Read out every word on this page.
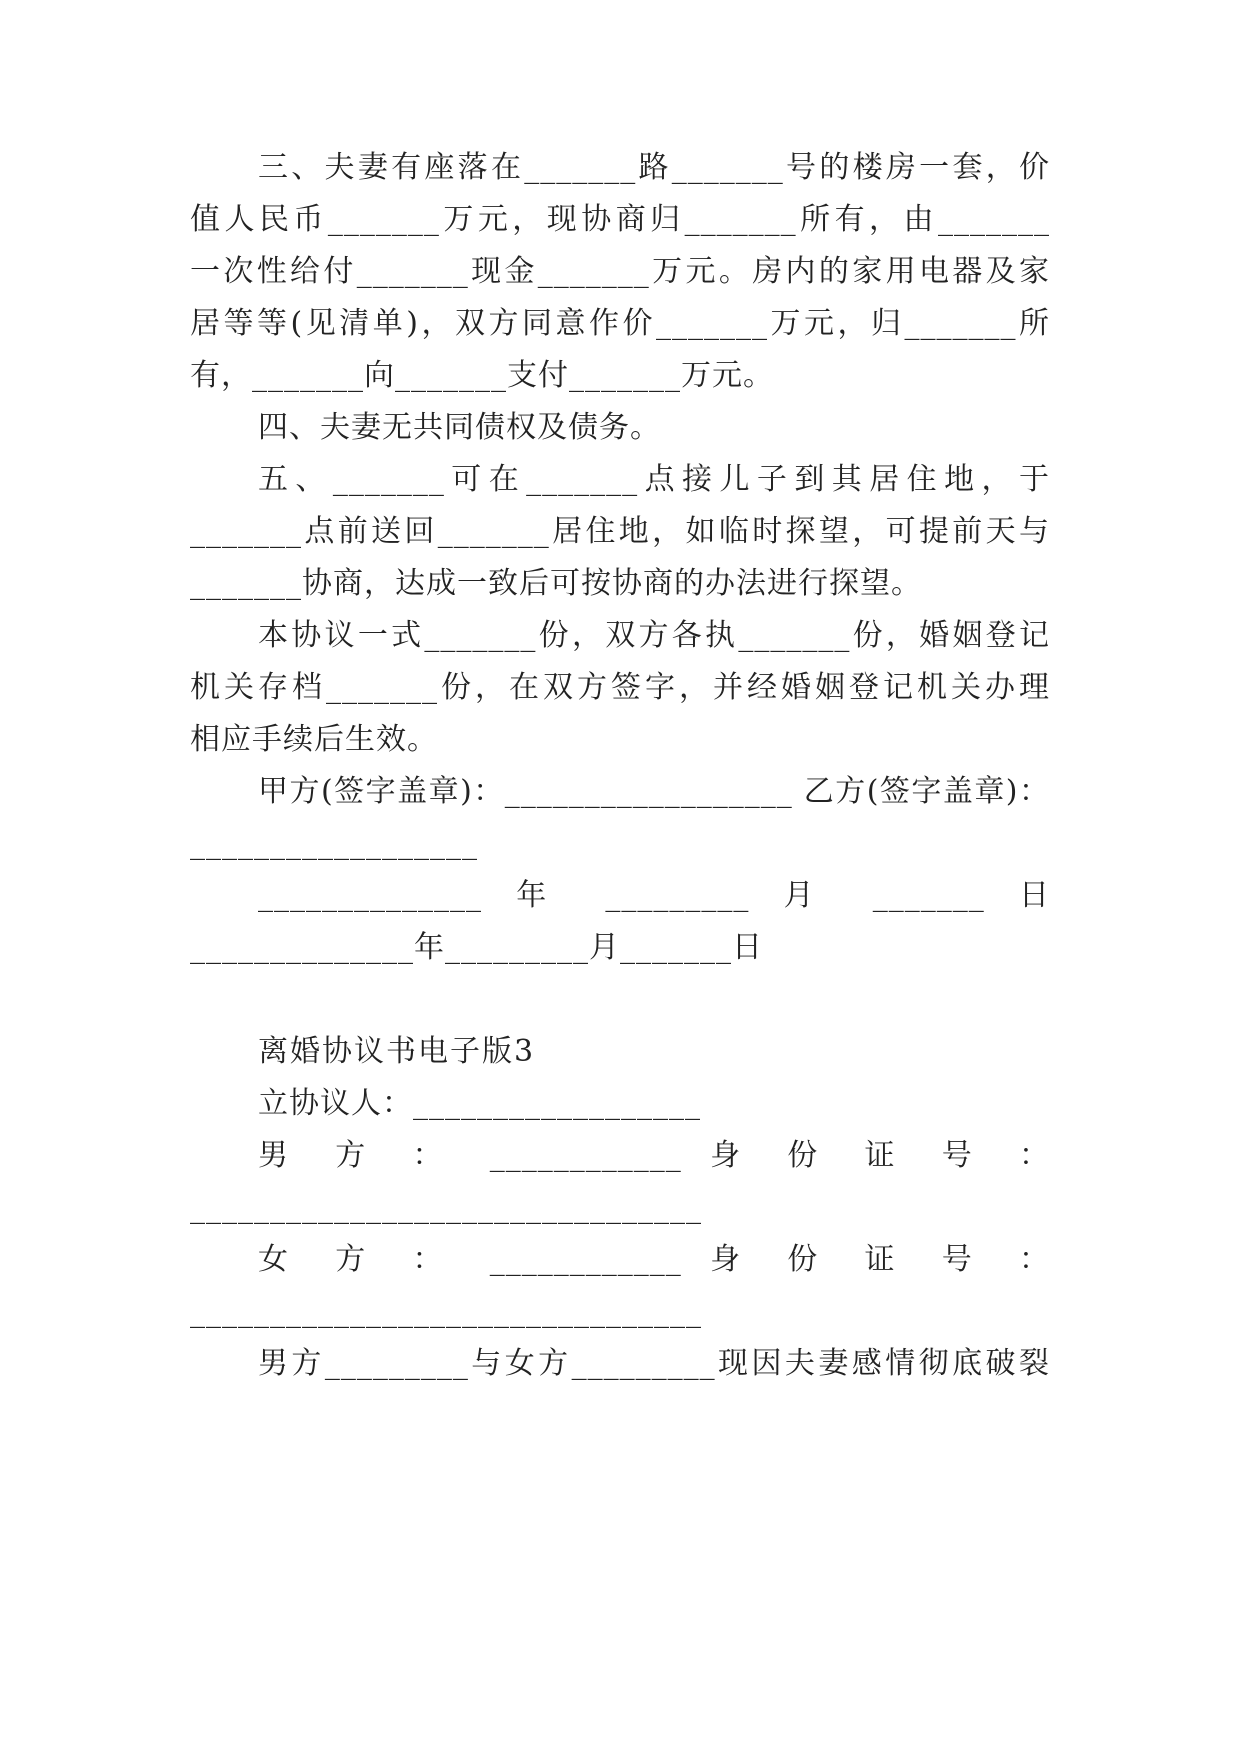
三、夫妻有座落在_______路_______号的楼房一套，价
值人民币_______万元，现协商归_______所有，由_______
一次性给付_______现金_______万元。房内的家用电器及家
居等等(见清单)，双方同意作价_______万元，归_______所
有，_______向_______支付_______万元。
四、夫妻无共同债权及债务。
五、_______可在_______点接儿子到其居住地，于
_______点前送回_______居住地，如临时探望，可提前天与
_______协商，达成一致后可按协商的办法进行探望。
本协议一式_______份，双方各执_______份，婚姻登记
机关存档_______份，在双方签字，并经婚姻登记机关办理
相应手续后生效。
甲方(签字盖章)：__________________ 乙方(签字盖章)：
__________________
______________ 年 _________ 月 _______ 日
______________年_________月_______日
离婚协议书电子版3
立协议人：__________________
男 方 ： ____________ 身 份 证 号 ：
________________________________
女 方 ： ____________ 身 份 证 号 ：
________________________________
男方_________与女方_________现因夫妻感情彻底破裂
